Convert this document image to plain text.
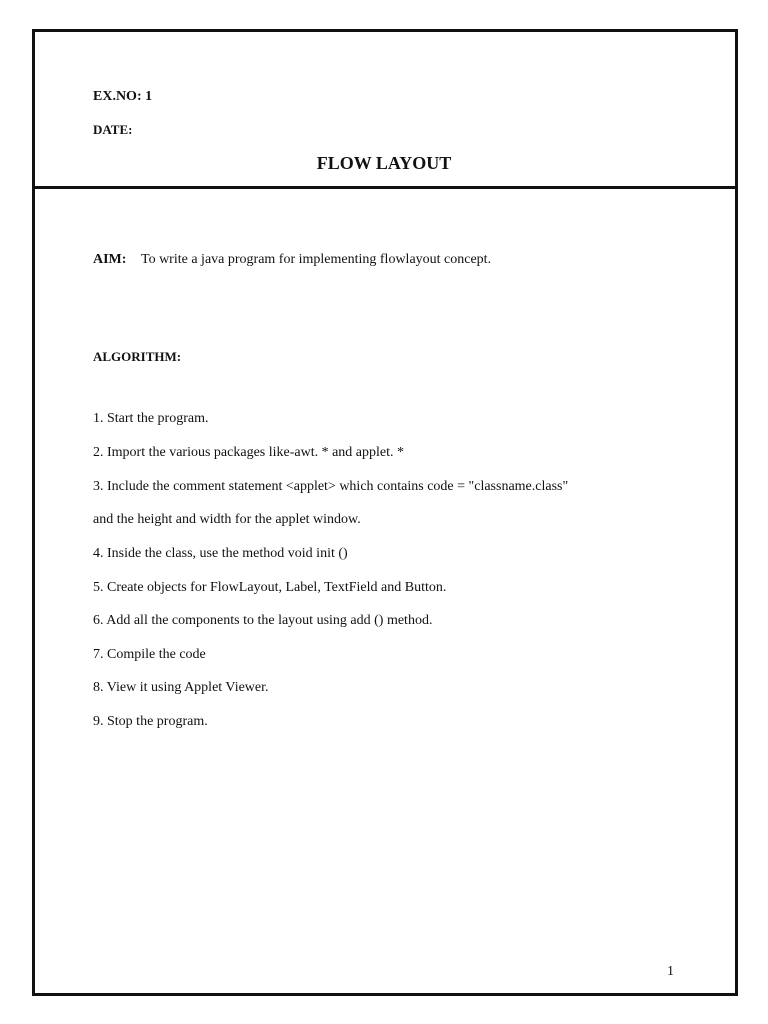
EX.NO: 1
DATE:
FLOW LAYOUT
AIM: To write a java program for implementing flowlayout concept.
ALGORITHM:
1. Start the program.
2. Import the various packages like-awt. * and applet. *
3. Include the comment statement <applet> which contains code = "classname.class"
and the height and width for the applet window.
4. Inside the class, use the method void init ()
5. Create objects for FlowLayout, Label, TextField and Button.
6. Add all the components to the layout using add () method.
7. Compile the code
8. View it using Applet Viewer.
9. Stop the program.
1
